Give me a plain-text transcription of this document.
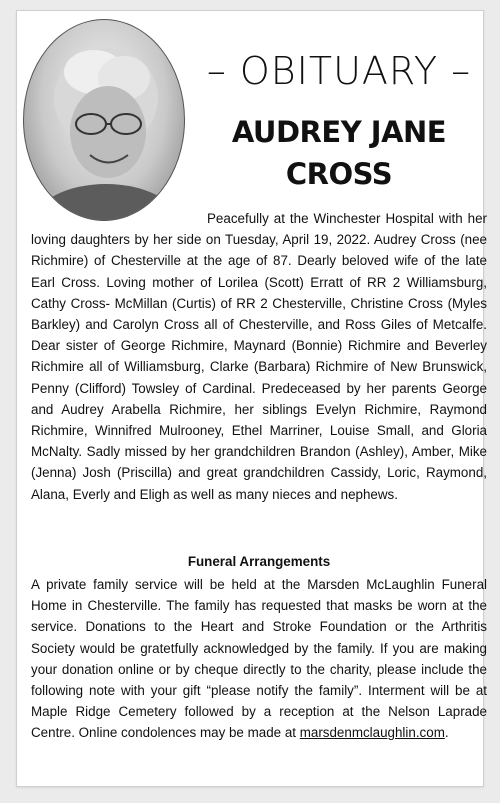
– OBITUARY –
AUDREY JANE
CROSS
Peacefully at the Winchester Hospital with her loving daughters by her side on Tuesday, April 19, 2022. Audrey Cross (nee Richmire) of Chesterville at the age of 87. Dearly beloved wife of the late Earl Cross. Loving mother of Lorilea (Scott) Erratt of RR 2 Williamsburg, Cathy Cross- McMillan (Curtis) of RR 2 Chesterville, Christine Cross (Myles Barkley) and Carolyn Cross all of Chesterville, and Ross Giles of Metcalfe. Dear sister of George Richmire, Maynard (Bonnie) Richmire and Beverley Richmire all of Williamsburg, Clarke (Barbara) Richmire of New Brunswick, Penny (Clifford) Towsley of Cardinal. Predeceased by her parents George and Audrey Arabella Richmire, her siblings Evelyn Richmire, Raymond Richmire, Winnifred Mulrooney, Ethel Marriner, Louise Small, and Gloria McNalty. Sadly missed by her grandchildren Brandon (Ashley), Amber, Mike (Jenna) Josh (Priscilla) and great grandchildren Cassidy, Loric, Raymond, Alana, Everly and Eligh as well as many nieces and nephews.
Funeral Arrangements
A private family service will be held at the Marsden McLaughlin Funeral Home in Chesterville. The family has requested that masks be worn at the service. Donations to the Heart and Stroke Foundation or the Arthritis Society would be gratetfully acknowledged by the family. If you are making your donation online or by cheque directly to the charity, please include the following note with your gift “please notify the family”. Interment will be at Maple Ridge Cemetery followed by a reception at the Nelson Laprade Centre. Online condolences may be made at marsdenmclaughlin.com.
